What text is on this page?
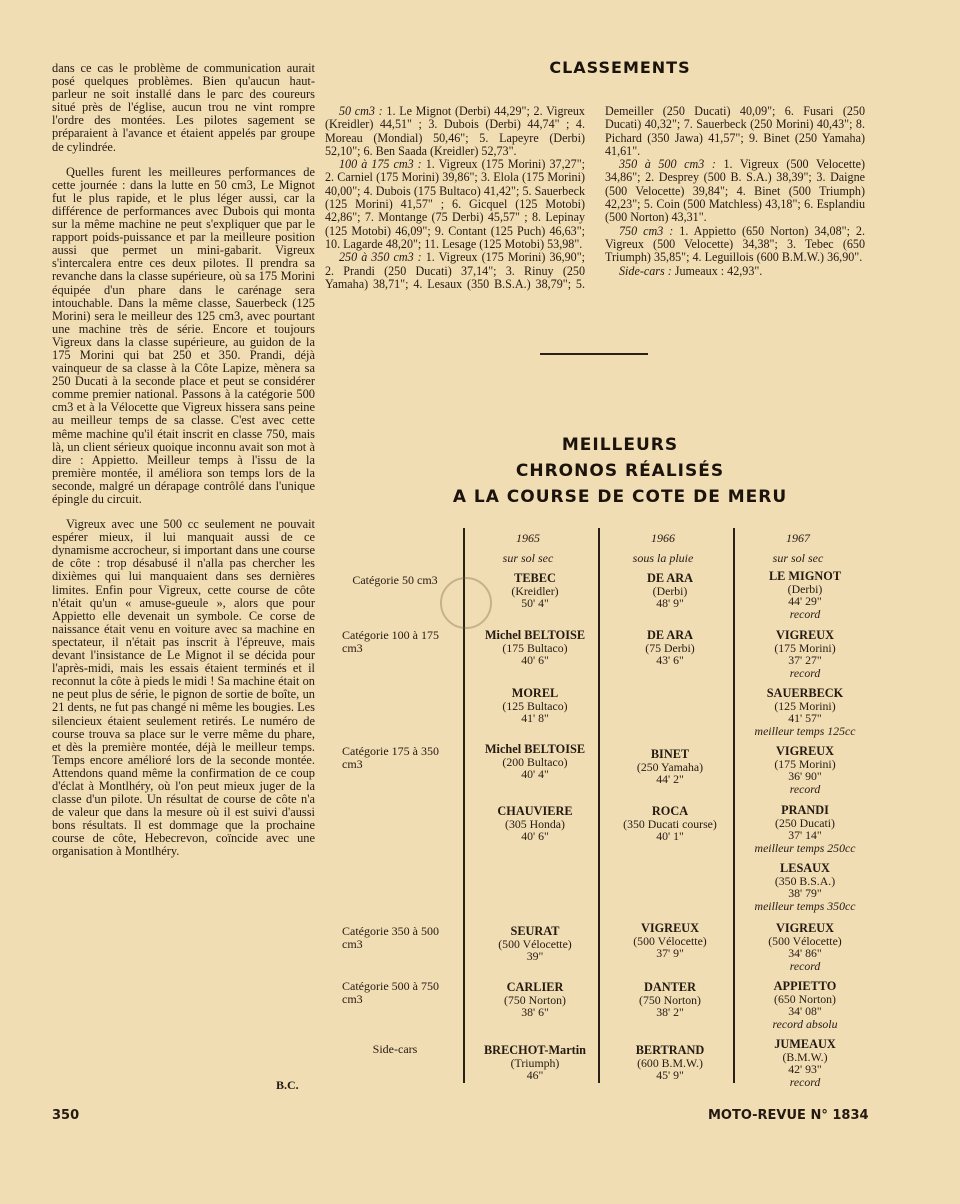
dans ce cas le problème de communication aurait posé quelques problèmes. Bien qu'aucun haut-parleur ne soit installé dans le parc des coureurs situé près de l'église, aucun trou ne vint rompre l'ordre des montées. Les pilotes sagement se préparaient à l'avance et étaient appelés par groupe de cylindrée.

Quelles furent les meilleures performances de cette journée : dans la lutte en 50 cm3, Le Mignot fut le plus rapide, et le plus léger aussi, car la différence de performances avec Dubois qui monta sur la même machine ne peut s'expliquer que par le rapport poids-puissance et par la meilleure position aussi que permet un mini-gabarit. Vigreux s'intercalera entre ces deux pilotes. Il prendra sa revanche dans la classe supérieure, où sa 175 Morini équipée d'un phare dans le carénage sera intouchable. Dans la même classe, Sauerbeck (125 Morini) sera le meilleur des 125 cm3, avec pourtant une machine très de série. Encore et toujours Vigreux dans la classe supérieure, au guidon de la 175 Morini qui bat 250 et 350. Prandi, déjà vainqueur de sa classe à la Côte Lapize, mènera sa 250 Ducati à la seconde place et peut se considérer comme premier national. Passons à la catégorie 500 cm3 et à la Vélocette que Vigreux hissera sans peine au meilleur temps de sa classe. C'est avec cette même machine qu'il était inscrit en classe 750, mais là, un client sérieux quoique inconnu avait son mot à dire : Appietto. Meilleur temps à l'issu de la première montée, il améliora son temps lors de la seconde, malgré un dérapage contrôlé dans l'unique épingle du circuit.

Vigreux avec une 500 cc seulement ne pouvait espérer mieux, il lui manquait aussi de ce dynamisme accrocheur, si important dans une course de côte : trop désabusé il n'alla pas chercher les dixièmes qui lui manquaient dans ses dernières limites. Enfin pour Vigreux, cette course de côte n'était qu'un « amuse-gueule », alors que pour Appietto elle devenait un symbole. Ce corse de naissance était venu en voiture avec sa machine en spectateur, il n'était pas inscrit à l'épreuve, mais devant l'insistance de Le Mignot il se décida pour l'après-midi, mais les essais étaient terminés et il reconnut la côte à pieds le midi ! Sa machine était on ne peut plus de série, le pignon de sortie de boîte, un 21 dents, ne fut pas changé ni même les bougies. Les silencieux étaient seulement retirés. Le numéro de course trouva sa place sur le verre même du phare, et dès la première montée, déjà le meilleur temps. Temps encore amélioré lors de la seconde montée. Attendons quand même la confirmation de ce coup d'éclat à Montlhéry, où l'on peut mieux juger de la classe d'un pilote. Un résultat de course de côte n'a de valeur que dans la mesure où il est suivi d'aussi bons résultats. Il est dommage que la prochaine course de côte, Hebecrevon, coïncide avec une organisation à Montlhéry.

B.C.
CLASSEMENTS

50 cm3 : 1. Le Mignot (Derbi) 44,29"; 2. Vigreux (Kreidler) 44,51" ; 3. Dubois (Derbi) 44,74" ; 4. Moreau (Mondial) 50,46"; 5. Lapeyre (Derbi) 52,10"; 6. Ben Saada (Kreidler) 52,73".

100 à 175 cm3 : 1. Vigreux (175 Morini) 37,27"; 2. Carniel (175 Morini) 39,86"; 3. Elola (175 Morini) 40,00"; 4. Dubois (175 Bultaco) 41,42"; 5. Sauerbeck (125 Morini) 41,57" ; 6. Gicquel (125 Motobi) 42,86"; 7. Montange (75 Derbi) 45,57" ; 8. Lepinay (125 Motobi) 46,09"; 9. Contant (125 Puch) 46,63"; 10. Lagarde 48,20"; 11. Lesage (125 Motobi) 53,98".

250 à 350 cm3 : 1. Vigreux (175 Morini) 36,90"; 2. Prandi (250 Ducati) 37,14"; 3. Rinuy (250 Yamaha) 38,71"; 4. Lesaux (350 B.S.A.) 38,79"; 5. Demeiller (250 Ducati) 40,09"; 6. Fusari (250 Ducati) 40,32"; 7. Sauerbeck (250 Morini) 40,43"; 8. Pichard (350 Jawa) 41,57"; 9. Binet (250 Yamaha) 41,61".

350 à 500 cm3 : 1. Vigreux (500 Velocette) 34,86"; 2. Desprey (500 B. S.A.) 38,39"; 3. Daigne (500 Velocette) 39,84"; 4. Binet (500 Triumph) 42,23"; 5. Coin (500 Matchless) 43,18"; 6. Esplandiu (500 Norton) 43,31".

750 cm3 : 1. Appietto (650 Norton) 34,08"; 2. Vigreux (500 Velocette) 34,38"; 3. Tebec (650 Triumph) 35,85"; 4. Leguillois (600 B.M.W.) 36,90".

Side-cars : Jumeaux : 42,93".

MEILLEURS
CHRONOS RÉALISÉS
A LA COURSE DE COTE DE MERU
1965
sur sol sec
1966
sous la pluie
1967
sur sol sec
Catégorie 50 cm3
Catégorie 100 à 175 cm3
Catégorie 175 à 350 cm3
Catégorie 350 à 500 cm3
Catégorie 500 à 750 cm3
Side-cars
TEBEC
(Kreidler)
50' 4"
DE ARA
(Derbi)
48' 9"
LE MIGNOT
(Derbi)
44' 29"
record
Michel BELTOISE
(175 Bultaco)
40' 6"
DE ARA
(75 Derbi)
43' 6"
VIGREUX
(175 Morini)
37' 27"
record
MOREL
(125 Bultaco)
41' 8"
SAUERBECK
(125 Morini)
41' 57"
meilleur temps 125cc
Michel BELTOISE
(200 Bultaco)
40' 4"
BINET
(250 Yamaha)
44' 2"
VIGREUX
(175 Morini)
36' 90"
record
CHAUVIERE
(305 Honda)
40' 6"
ROCA
(350 Ducati course)
40' 1"
PRANDI
(250 Ducati)
37' 14"
meilleur temps 250cc
LESAUX
(350 B.S.A.)
38' 79"
meilleur temps 350cc
SEURAT
(500 Vélocette)
39"
VIGREUX
(500 Vélocette)
37' 9"
VIGREUX
(500 Vélocette)
34' 86"
record
CARLIER
(750 Norton)
38' 6"
DANTER
(750 Norton)
38' 2"
APPIETTO
(650 Norton)
34' 08"
record absolu
BRECHOT-Martin
(Triumph)
46"
BERTRAND
(600 B.M.W.)
45' 9"
JUMEAUX
(B.M.W.)
42' 93"
record
350	MOTO-REVUE N° 1834
